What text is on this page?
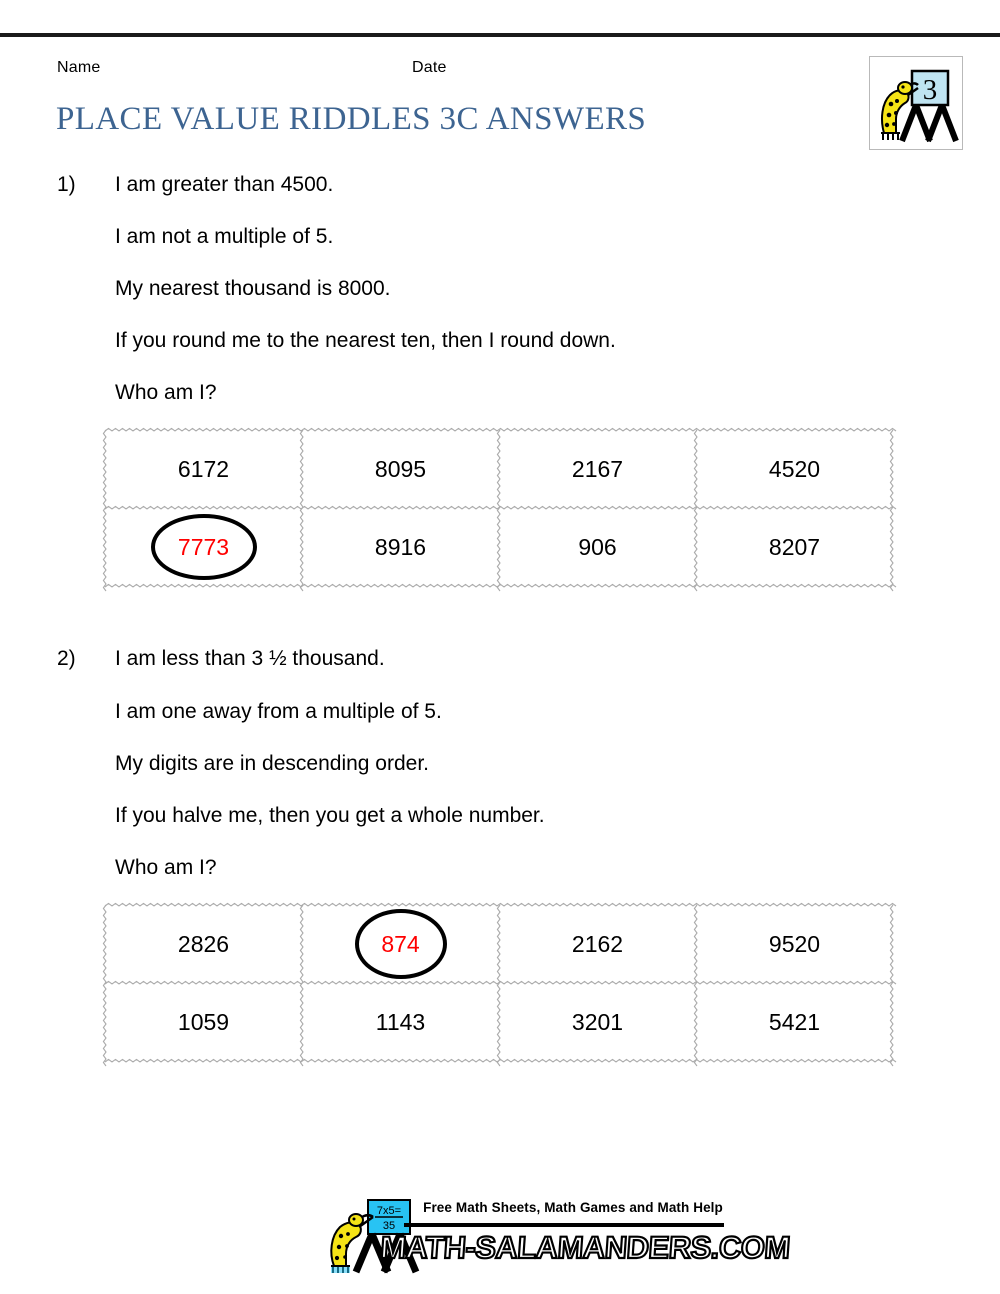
Name	Date
PLACE VALUE RIDDLES 3C ANSWERS
3
1) I am greater than 4500.
I am not a multiple of 5.
My nearest thousand is 8000.
If you round me to the nearest ten, then I round down.
Who am I?
6172	8095	2167	4520
7773	8916	906	8207
2) I am less than 3 ½ thousand.
I am one away from a multiple of 5.
My digits are in descending order.
If you halve me, then you get a whole number.
Who am I?
2826	874	2162	9520
1059	1143	3201	5421
7x5=
35
Free Math Sheets, Math Games and Math Help
MATH-SALAMANDERS.COM
